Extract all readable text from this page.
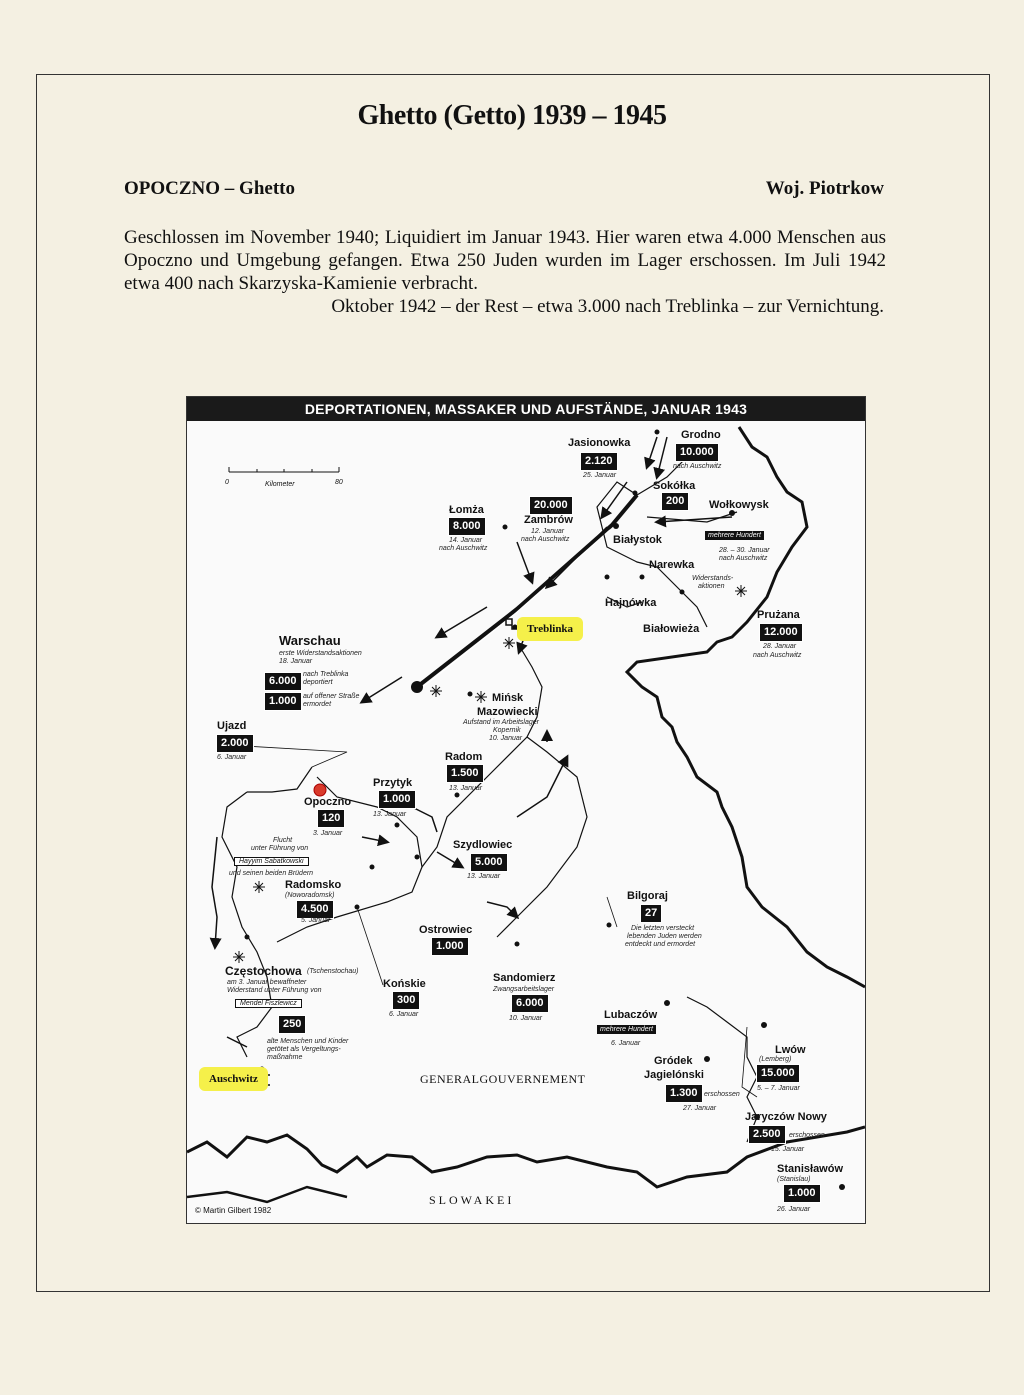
Ghetto (Getto) 1939 – 1945
OPOCZNO – Ghetto	Woj. Piotrkow
Geschlossen im November 1940; Liquidiert im Januar 1943. Hier waren etwa 4.000 Menschen aus Opoczno und Umgebung gefangen. Etwa 250 Juden wurden im Lager erschossen. Im Juli 1942 etwa 400 nach Skarzyska-Kamienie verbracht.
Oktober 1942 – der Rest – etwa 3.000 nach Treblinka – zur Vernichtung.
DEPORTATIONEN, MASSAKER UND AUFSTÄNDE, JANUAR 1943
0	Kilometer	80
Jasionowka
2.120
25. Januar
Grodno
10.000
nach Auschwitz
Sokółka
200	Wołkowysk
mehrere Hundert
28. – 30. Januar
nach Auschwitz
Łomża
8.000
14. Januar
nach Auschwitz
20.000
Zambrów
12. Januar
nach Auschwitz	Białystok
Narewka
Widerstands-
aktionen
Hajnówka
Białowieża
Prużana
12.000
28. Januar
nach Auschwitz
Treblinka
Warschau
erste Widerstandsaktionen
18. Januar
6.000
nach Treblinka
deportiert
1.000 auf offener Straße
ermordet
Mińsk
Mazowiecki
Aufstand im Arbeitslager
Kopernik
10. Januar
Ujazd
2.000
6. Januar	Radom
1.500
13. Januar
Przytyk
1.000
13. Januar
Opoczno
120
3. Januar
Flucht
unter Führung von
Hayyim Sabatkowski
und seinen beiden Brüdern
Szydlowiec
5.000
13. Januar
Radomsko
(Noworadomsk)
4.500
5. Januar
Bilgoraj
27
Die letzten versteckt
lebenden Juden werden
entdeckt und ermordet
Ostrowiec
1.000
Częstochowa (Tschenstochau)
am 3. Januar bewaffneter
Widerstand unter Führung von
Mendel Fiszlewicz
250
alte Menschen und Kinder
getötet als Vergeltungs-
maßnahme
Sandomierz
Zwangsarbeitslager
6.000
10. Januar
Końskie
300
6. Januar	Lubaczów
mehrere Hundert
6. Januar
Lwów
(Lemberg)
15.000
5. – 7. Januar
Gródek
Jagielónski
1.300 erschossen
27. Januar
Auschwitz	GENERALGOUVERNEMENT
Jaryczów Nowy
2.500	erschossen
15. Januar
Stanisławów
(Stanislau)
1.000
26. Januar
SLOWAKEI
© Martin Gilbert 1982
